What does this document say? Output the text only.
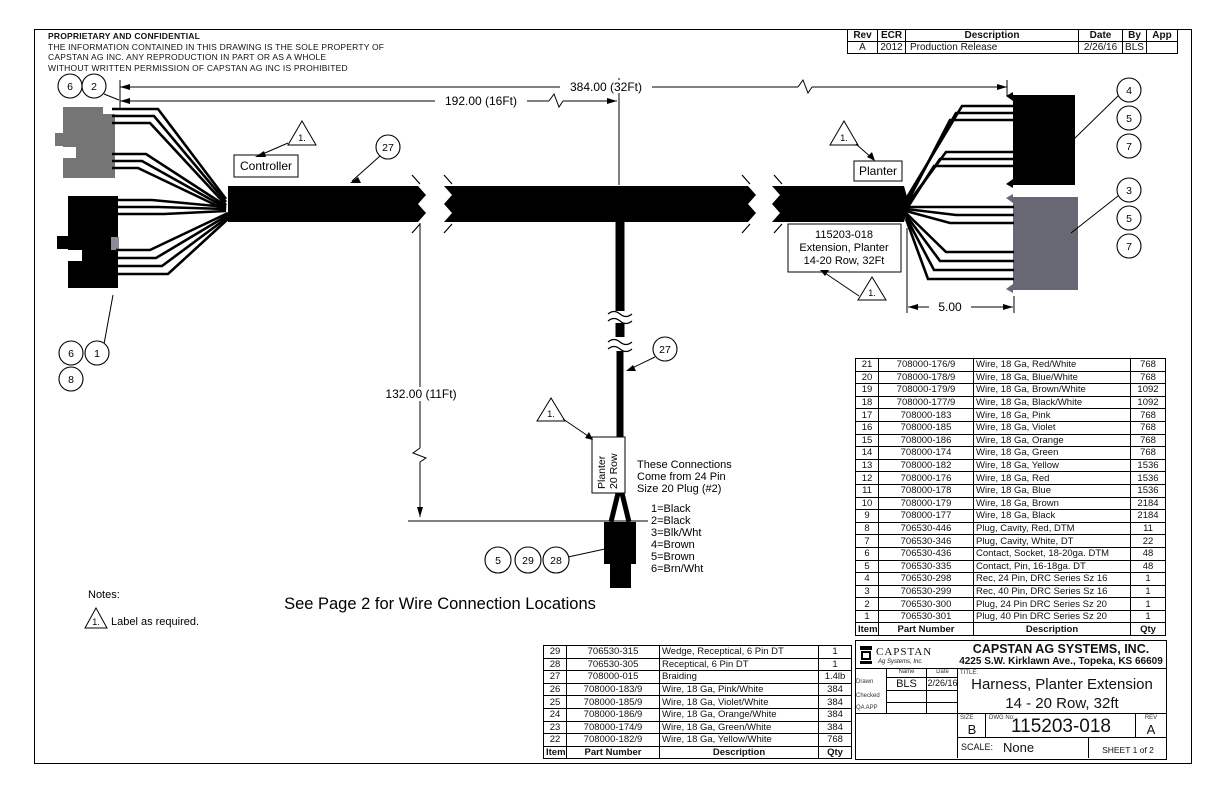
PROPRIETARY AND CONFIDENTIAL
THE INFORMATION CONTAINED IN THIS DRAWING IS THE SOLE PROPERTY OF
CAPSTAN AG INC. ANY REPRODUCTION IN PART OR AS A WHOLE
WITHOUT WRITTEN PERMISSION OF CAPSTAN AG INC IS PROHIBITED
Rev	ECR	Description	Date	By	App
A	2012	Production Release	2/26/16	BLS	
384.00 (32Ft)
192.00 (16Ft)
132.00 (11Ft)
5.00
Controller	Planter
115203-018
Extension, Planter
14-20 Row, 32Ft
Planter 20 Row
1.	1.
1.
1.
6 2
6 1
8
27
27
4
5
7
3
5
7
5 29 28
These Connections
Come from 24 Pin
Size 20 Plug (#2)
1=Black
2=Black
3=Blk/Wht
4=Brown
5=Brown
6=Brn/Wht
See Page 2 for Wire Connection Locations
Notes:
1. Label as required.
21	708000-176/9	Wire, 18 Ga, Red/White	768
20	708000-178/9	Wire, 18 Ga, Blue/White	768
19	708000-179/9	Wire, 18 Ga, Brown/White	1092
18	708000-177/9	Wire, 18 Ga, Black/White	1092
17	708000-183	Wire, 18 Ga, Pink	768
16	708000-185	Wire, 18 Ga, Violet	768
15	708000-186	Wire, 18 Ga, Orange	768
14	708000-174	Wire, 18 Ga, Green	768
13	708000-182	Wire, 18 Ga, Yellow	1536
12	708000-176	Wire, 18 Ga, Red	1536
11	708000-178	Wire, 18 Ga, Blue	1536
10	708000-179	Wire, 18 Ga, Brown	2184
9	708000-177	Wire, 18 Ga, Black	2184
8	706530-446	Plug, Cavity, Red, DTM	11
7	706530-346	Plug, Cavity, White, DT	22
6	706530-436	Contact, Socket, 18-20ga. DTM	48
5	706530-335	Contact, Pin, 16-18ga. DT	48
4	706530-298	Rec, 24 Pin, DRC Series Sz 16	1
3	706530-299	Rec, 40 Pin, DRC Series Sz 16	1
2	706530-300	Plug, 24 Pin DRC Series Sz 20	1
1	706530-301	Plug, 40 Pin DRC Series Sz 20	1
Item	Part Number	Description	Qty
29	706530-315	Wedge, Receptical, 6 Pin DT	1
28	706530-305	Receptical, 6 Pin DT	1
27	708000-015	Braiding	1.4lb
26	708000-183/9	Wire, 18 Ga, Pink/White	384
25	708000-185/9	Wire, 18 Ga, Violet/White	384
24	708000-186/9	Wire, 18 Ga, Orange/White	384
23	708000-174/9	Wire, 18 Ga, Green/White	384
22	708000-182/9	Wire, 18 Ga, Yellow/White	768
Item	Part Number	Description	Qty
CAPSTAN
Ag Systems, Inc.
CAPSTAN AG SYSTEMS, INC.
4225 S.W. Kirklawn Ave., Topeka, KS 66609
Name	Date
Drawn	BLS	2/26/16
Checked
QA APP
TITLE:
Harness, Planter Extension
14 - 20 Row, 32ft
SIZE
B
DWG No:
115203-018	REV
A
SCALE: None	SHEET 1 of 2
